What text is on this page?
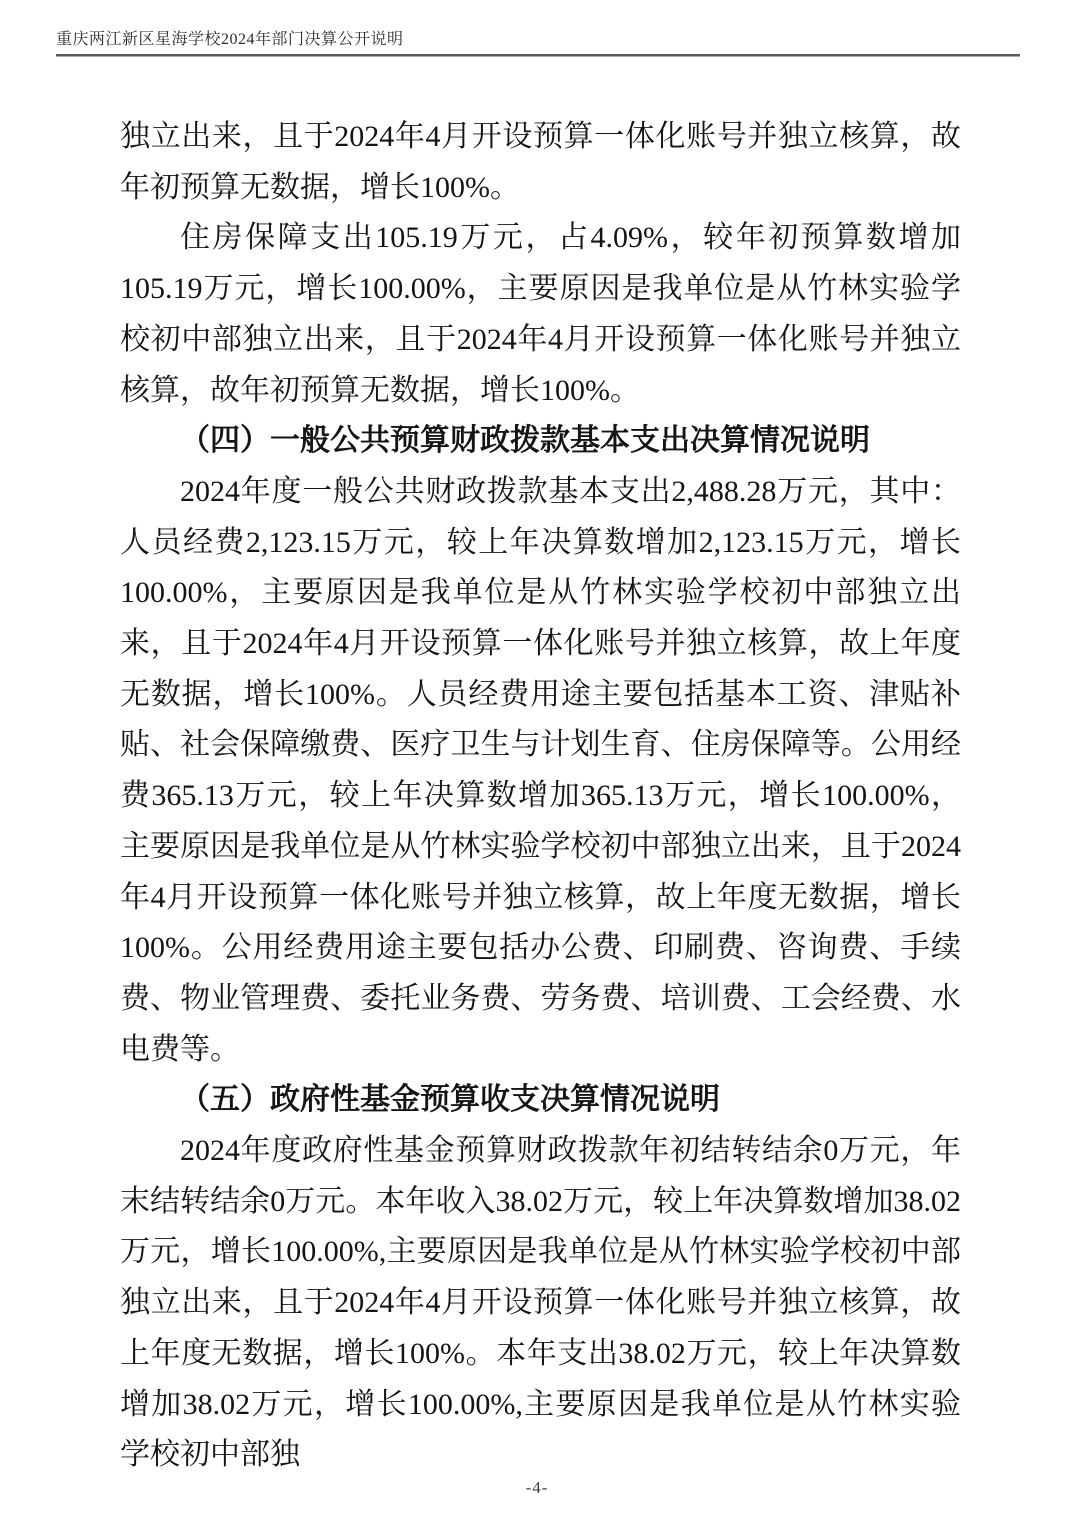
重庆两江新区星海学校2024年部门决算公开说明
独立出来，且于2024年4月开设预算一体化账号并独立核算，故年初预算无数据，增长100%。
住房保障支出105.19万元，占4.09%，较年初预算数增加105.19万元，增长100.00%，主要原因是我单位是从竹林实验学校初中部独立出来，且于2024年4月开设预算一体化账号并独立核算，故年初预算无数据，增长100%。
（四）一般公共预算财政拨款基本支出决算情况说明
2024年度一般公共财政拨款基本支出2,488.28万元，其中：人员经费2,123.15万元，较上年决算数增加2,123.15万元，增长100.00%，主要原因是我单位是从竹林实验学校初中部独立出来，且于2024年4月开设预算一体化账号并独立核算，故上年度无数据，增长100%。人员经费用途主要包括基本工资、津贴补贴、社会保障缴费、医疗卫生与计划生育、住房保障等。公用经费365.13万元，较上年决算数增加365.13万元，增长100.00%，主要原因是我单位是从竹林实验学校初中部独立出来，且于2024年4月开设预算一体化账号并独立核算，故上年度无数据，增长100%。公用经费用途主要包括办公费、印刷费、咨询费、手续费、物业管理费、委托业务费、劳务费、培训费、工会经费、水电费等。
（五）政府性基金预算收支决算情况说明
2024年度政府性基金预算财政拨款年初结转结余0万元，年末结转结余0万元。本年收入38.02万元，较上年决算数增加38.02万元，增长100.00%,主要原因是我单位是从竹林实验学校初中部独立出来，且于2024年4月开设预算一体化账号并独立核算，故上年度无数据，增长100%。本年支出38.02万元，较上年决算数增加38.02万元，增长100.00%,主要原因是我单位是从竹林实验学校初中部独
-4-
